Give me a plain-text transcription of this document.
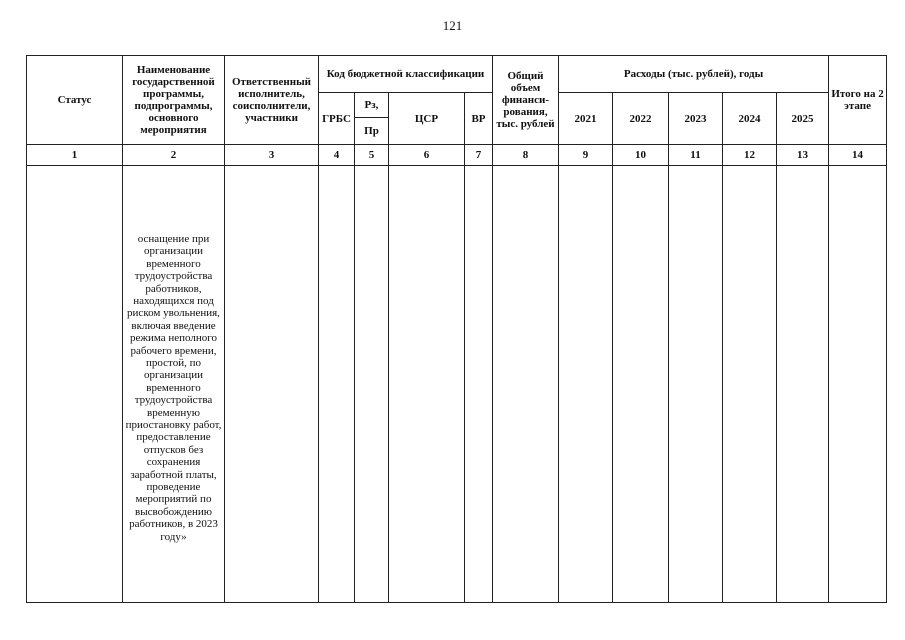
121
Статус	Наименование государственной программы, подпрограммы, основного мероприятия	Ответственный исполнитель, соисполнители, участники	Код бюджетной классификации				Общий объем финанси-рования, тыс. рублей	Расходы (тыс. рублей), годы					Итого на 2 этапе
			ГРБС	Рз,	ЦСР	ВР		2021	2022	2023	2024	2025	
				Пр									
1	2	3	4	5	6	7	8	9	10	11	12	13	14
	оснащение при организации временного трудоустройства работников, находящихся под риском увольнения, включая введение режима неполного рабочего времени, простой, по организации временного трудоустройства временную приостановку работ, предоставление отпусков без сохранения заработной платы, проведение мероприятий по высвобождению работников, в 2023 году»												
